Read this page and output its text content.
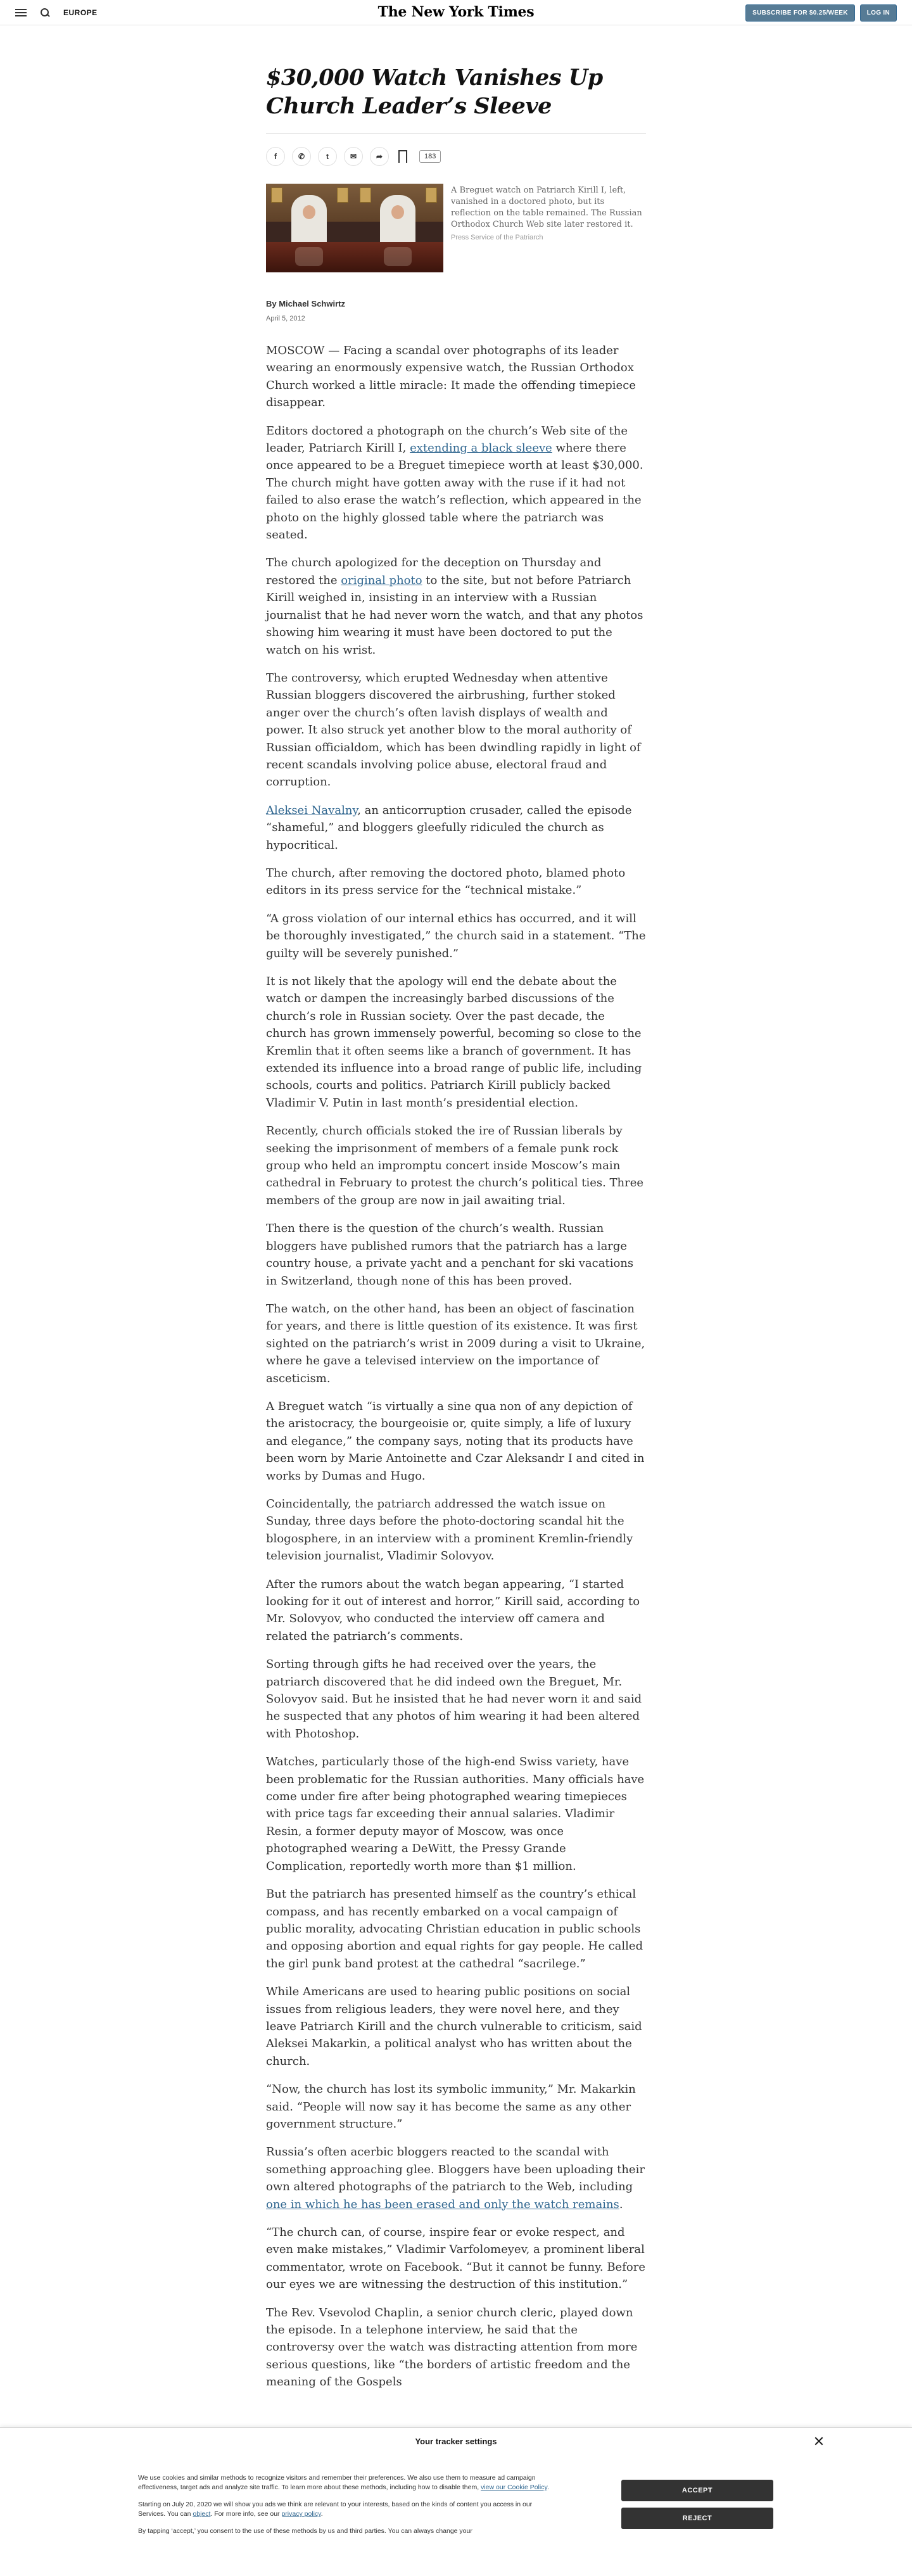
EUROPE	The New York Times	SUBSCRIBE FOR $0.25/WEEK	LOG IN
$30,000 Watch Vanishes Up Church Leader’s Sleeve
f	✆	t	✉	➦	183
A Breguet watch on Patriarch Kirill I, left, vanished in a doctored photo, but its reflection on the table remained. The Russian Orthodox Church Web site later restored it.
Press Service of the Patriarch
By Michael Schwirtz
April 5, 2012

MOSCOW — Facing a scandal over photographs of its leader wearing an enormously expensive watch, the Russian Orthodox Church worked a little miracle: It made the offending timepiece disappear.

Editors doctored a photograph on the church’s Web site of the leader, Patriarch Kirill I, extending a black sleeve where there once appeared to be a Breguet timepiece worth at least $30,000. The church might have gotten away with the ruse if it had not failed to also erase the watch’s reflection, which appeared in the photo on the highly glossed table where the patriarch was seated.

The church apologized for the deception on Thursday and restored the original photo to the site, but not before Patriarch Kirill weighed in, insisting in an interview with a Russian journalist that he had never worn the watch, and that any photos showing him wearing it must have been doctored to put the watch on his wrist.

The controversy, which erupted Wednesday when attentive Russian bloggers discovered the airbrushing, further stoked anger over the church’s often lavish displays of wealth and power. It also struck yet another blow to the moral authority of Russian officialdom, which has been dwindling rapidly in light of recent scandals involving police abuse, electoral fraud and corruption.

Aleksei Navalny, an anticorruption crusader, called the episode “shameful,” and bloggers gleefully ridiculed the church as hypocritical.

The church, after removing the doctored photo, blamed photo editors in its press service for the “technical mistake.”

“A gross violation of our internal ethics has occurred, and it will be thoroughly investigated,” the church said in a statement. “The guilty will be severely punished.”

It is not likely that the apology will end the debate about the watch or dampen the increasingly barbed discussions of the church’s role in Russian society. Over the past decade, the church has grown immensely powerful, becoming so close to the Kremlin that it often seems like a branch of government. It has extended its influence into a broad range of public life, including schools, courts and politics. Patriarch Kirill publicly backed Vladimir V. Putin in last month’s presidential election.

Recently, church officials stoked the ire of Russian liberals by seeking the imprisonment of members of a female punk rock group who held an impromptu concert inside Moscow’s main cathedral in February to protest the church’s political ties. Three members of the group are now in jail awaiting trial.

Then there is the question of the church’s wealth. Russian bloggers have published rumors that the patriarch has a large country house, a private yacht and a penchant for ski vacations in Switzerland, though none of this has been proved.

The watch, on the other hand, has been an object of fascination for years, and there is little question of its existence. It was first sighted on the patriarch’s wrist in 2009 during a visit to Ukraine, where he gave a televised interview on the importance of asceticism.

A Breguet watch “is virtually a sine qua non of any depiction of the aristocracy, the bourgeoisie or, quite simply, a life of luxury and elegance,” the company says, noting that its products have been worn by Marie Antoinette and Czar Aleksandr I and cited in works by Dumas and Hugo.

Coincidentally, the patriarch addressed the watch issue on Sunday, three days before the photo-doctoring scandal hit the blogosphere, in an interview with a prominent Kremlin-friendly television journalist, Vladimir Solovyov.

After the rumors about the watch began appearing, “I started looking for it out of interest and horror,” Kirill said, according to Mr. Solovyov, who conducted the interview off camera and related the patriarch’s comments.

Sorting through gifts he had received over the years, the patriarch discovered that he did indeed own the Breguet, Mr. Solovyov said. But he insisted that he had never worn it and said he suspected that any photos of him wearing it had been altered with Photoshop.

Watches, particularly those of the high-end Swiss variety, have been problematic for the Russian authorities. Many officials have come under fire after being photographed wearing timepieces with price tags far exceeding their annual salaries. Vladimir Resin, a former deputy mayor of Moscow, was once photographed wearing a DeWitt, the Pressy Grande Complication, reportedly worth more than $1 million.

But the patriarch has presented himself as the country’s ethical compass, and has recently embarked on a vocal campaign of public morality, advocating Christian education in public schools and opposing abortion and equal rights for gay people. He called the girl punk band protest at the cathedral “sacrilege.”

While Americans are used to hearing public positions on social issues from religious leaders, they were novel here, and they leave Patriarch Kirill and the church vulnerable to criticism, said Aleksei Makarkin, a political analyst who has written about the church.

“Now, the church has lost its symbolic immunity,” Mr. Makarkin said. “People will now say it has become the same as any other government structure.”

Russia’s often acerbic bloggers reacted to the scandal with something approaching glee. Bloggers have been uploading their own altered photographs of the patriarch to the Web, including one in which he has been erased and only the watch remains.

“The church can, of course, inspire fear or evoke respect, and even make mistakes,” Vladimir Varfolomeyev, a prominent liberal commentator, wrote on Facebook. “But it cannot be funny. Before our eyes we are witnessing the destruction of this institution.”

The Rev. Vsevolod Chaplin, a senior church cleric, played down the episode. In a telephone interview, he said that the controversy over the watch was distracting attention from more serious questions, like “the borders of artistic freedom and the meaning of the Gospels

Your tracker settings

We use cookies and similar methods to recognize visitors and remember their preferences. We also use them to measure ad campaign effectiveness, target ads and analyze site traffic. To learn more about these methods, including how to disable them, view our Cookie Policy.

Starting on July 20, 2020 we will show you ads we think are relevant to your interests, based on the kinds of content you access in our Services. You can object. For more info, see our privacy policy.

By tapping ‘accept,’ you consent to the use of these methods by us and third parties. You can always change your

ACCEPT
REJECT
